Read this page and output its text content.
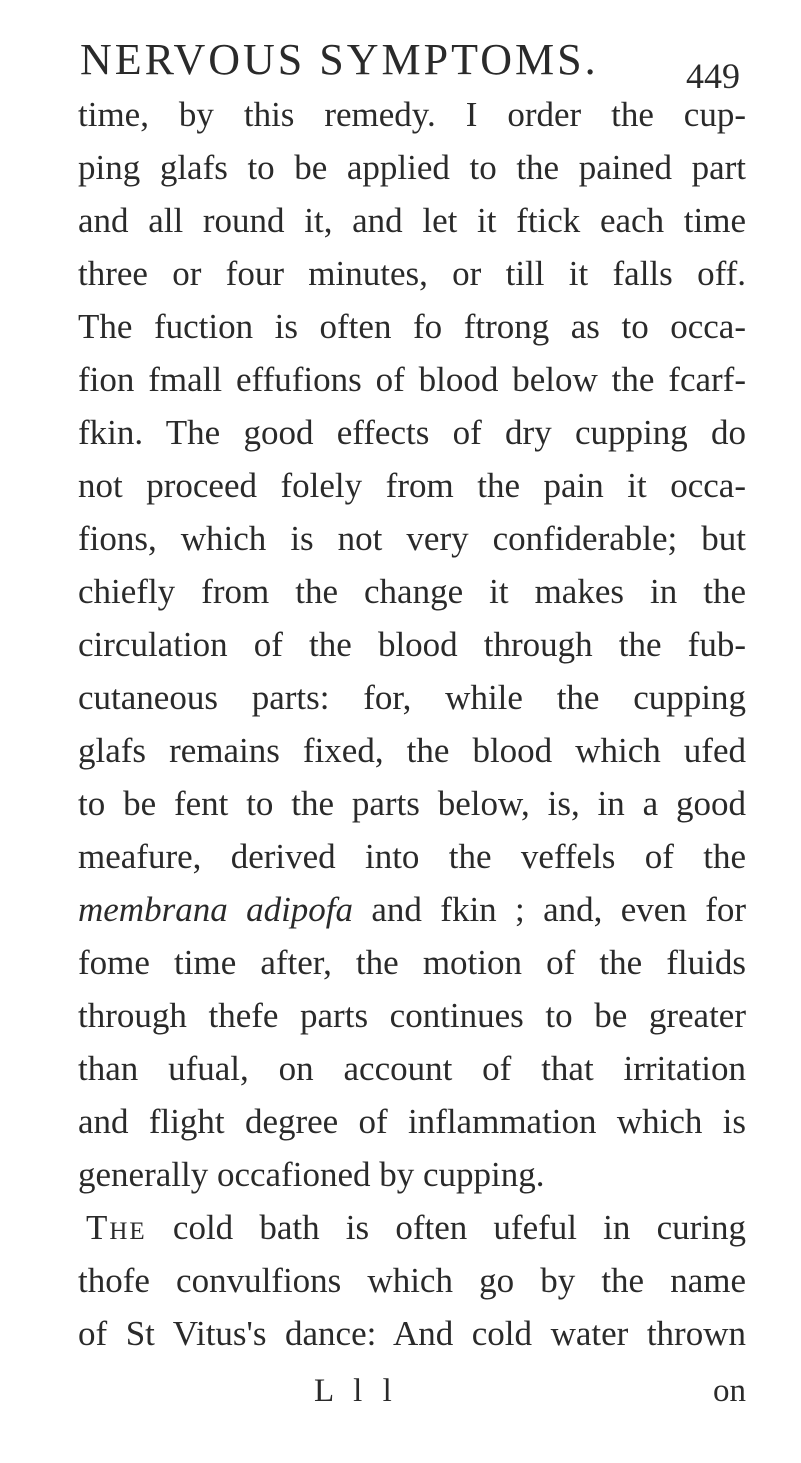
NERVOUS SYMPTOMS. 449
time, by this remedy. I order the cup-
ping glafs to be applied to the pained part
and all round it, and let it ftick each time
three or four minutes, or till it falls off.
The fuction is often fo ftrong as to occa-
fion fmall effufions of blood below the fcarf-
fkin. The good effects of dry cupping do
not proceed folely from the pain it occa-
fions, which is not very confiderable; but
chiefly from the change it makes in the
circulation of the blood through the fub-
cutaneous parts: for, while the cupping
glafs remains fixed, the blood which ufed
to be fent to the parts below, is, in a good
meafure, derived into the veffels of the
membrana adipofa and fkin ; and, even for
fome time after, the motion of the fluids
through thefe parts continues to be greater
than ufual, on account of that irritation
and flight degree of inflammation which is
generally occafioned by cupping.
The cold bath is often ufeful in curing
thofe convulfions which go by the name
of St Vitus's dance: And cold water thrown
L l l	on
